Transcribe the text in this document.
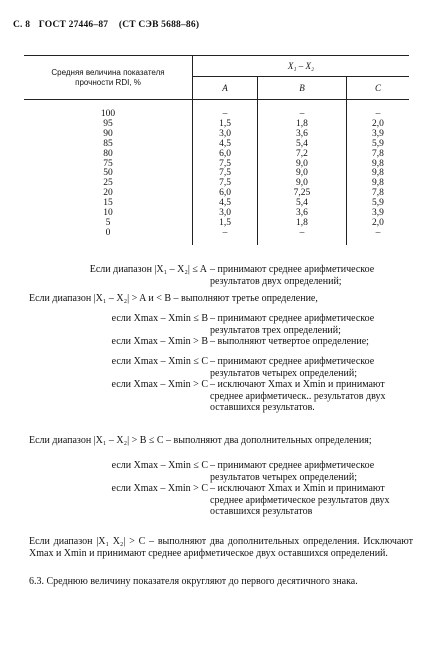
С. 8 ГОСТ 27446–87 (СТ СЭВ 5688–86)
Средняя величина показателя
прочности RDI, %	X₁ – X₂		
	A	B	C

100	–	–	–
95	1,5	1,8	2,0
90	3,0	3,6	3,9
85	4,5	5,4	5,9
80	6,0	7,2	7,8
75	7,5	9,0	9,8
50	7,5	9,0	9,8
25	7,5	9,0	9,8
20	6,0	7,25	7,8
15	4,5	5,4	5,9
10	3,0	3,6	3,9
5	1,5	1,8	2,0
0	–	–	–

Если диапазон |X₁ – X₂| ≤ A – принимают среднее арифметическое результатов двух определений;
Если диапазон |X₁ – X₂| > A и < B – выполняют третье определение,
если Xmax – Xmin ≤ B – принимают среднее арифметическое результатов трех определений;
если Xmax – Xmin > B – выполняют четвертое определение;
если Xmax – Xmin ≤ C – принимают среднее арифметическое результатов четырех определений;
если Xmax – Xmin > C – исключают Xmax и Xmin и принимают среднее арифметическ.. результатов двух оставшихся результатов.
Если диапазон |X₁ – X₂| > B ≤ C – выполняют два дополнительных определения;
если Xmax – Xmin ≤ C – принимают среднее арифметическое результатов четырех определений;
если Xmax – Xmin > C – исключают Xmax и Xmin и принимают среднее арифметическое результатов двух оставшихся результатов
Если диапазон |X₁ X₂| > C – выполняют два дополнительных определения. Исключают Xmax и Xmin и принимают среднее арифметическое двух оставшихся определений.
6.3. Среднюю величину показателя округляют до первого десятичного знака.
